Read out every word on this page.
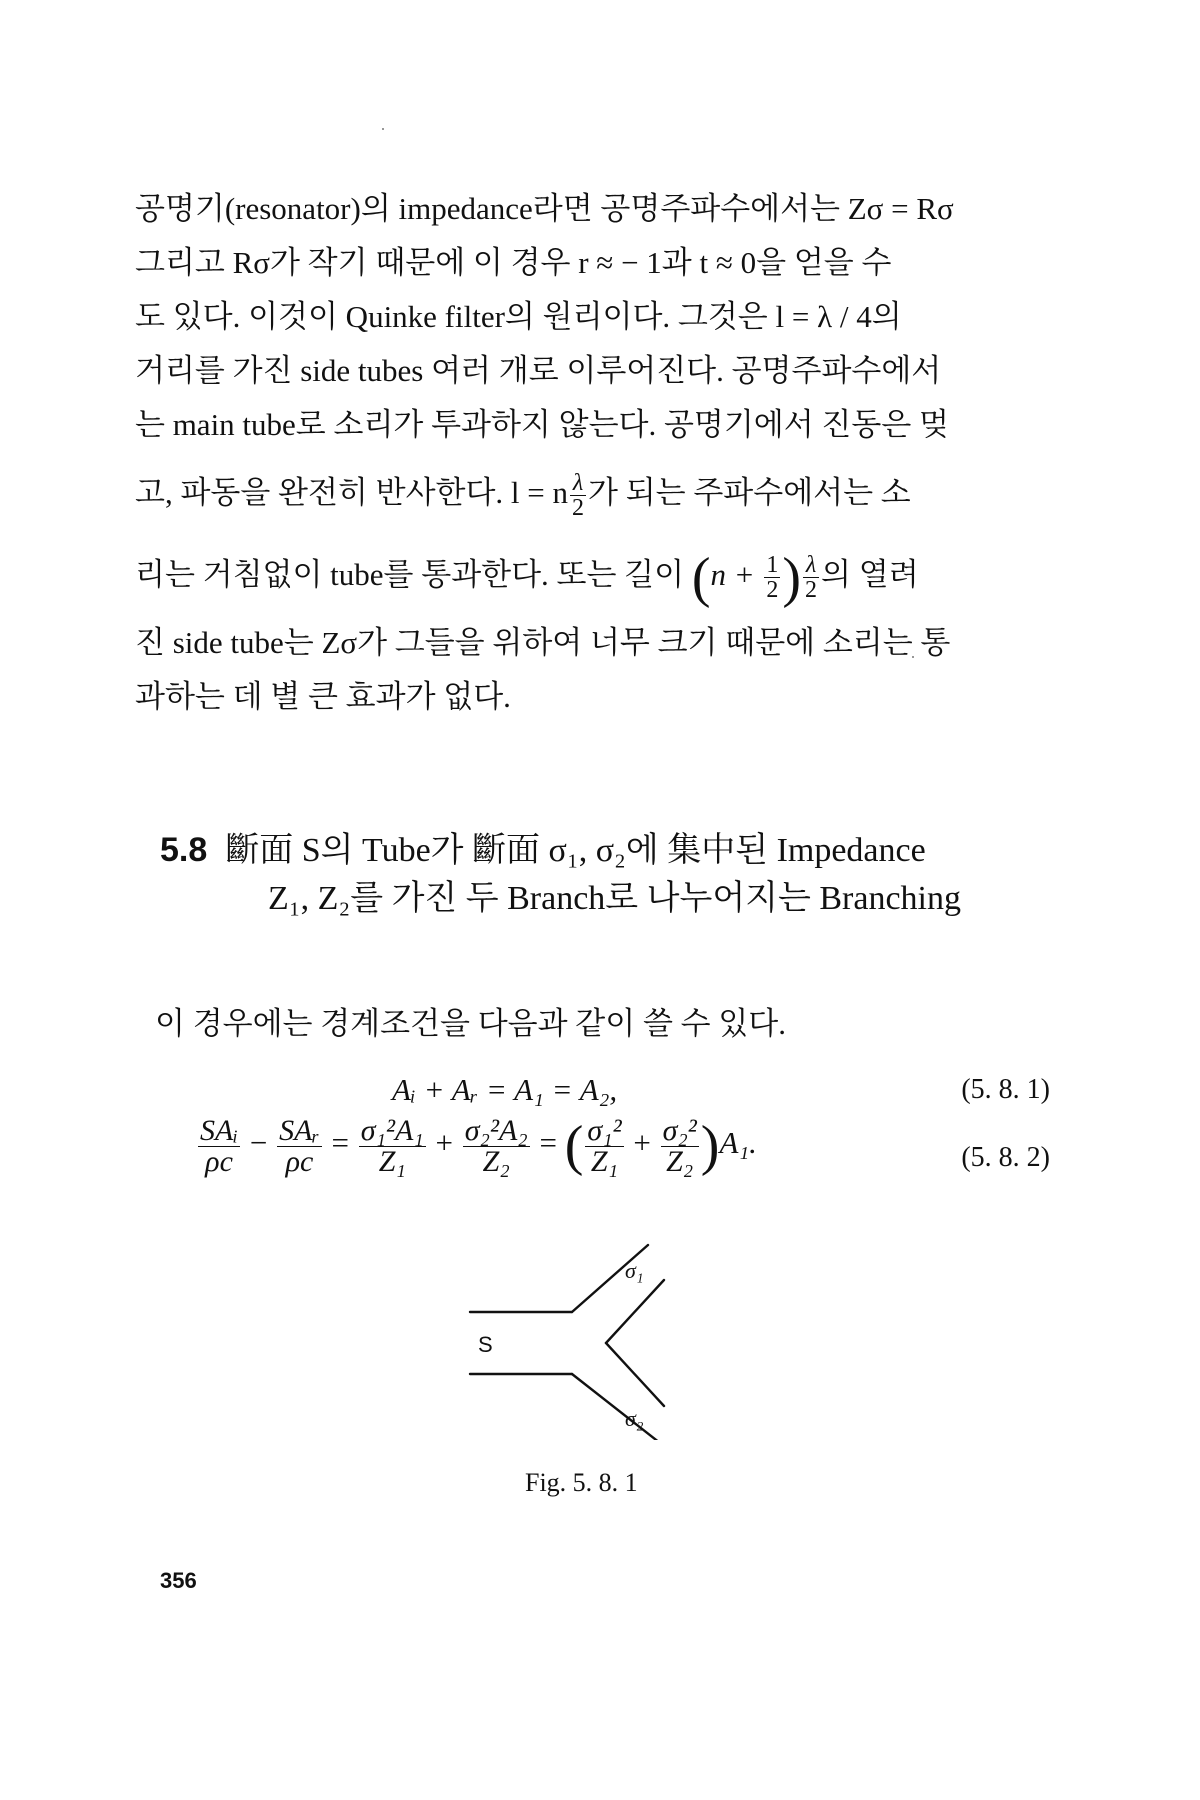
공명기(resonator)의 impedance라면 공명주파수에서는 Zσ = Rσ
그리고 Rσ가 작기 때문에 이 경우 r ≈ − 1과 t ≈ 0을 얻을 수
도 있다. 이것이 Quinke filter의 원리이다. 그것은 l = λ / 4의
거리를 가진 side tubes 여러 개로 이루어진다. 공명주파수에서
는 main tube로 소리가 투과하지 않는다. 공명기에서 진동은 멎
고, 파동을 완전히 반사한다. l = n $\frac{\lambda}{2}$ 가 되는 주파수에서는 소
리는 거침없이 tube를 통과한다. 또는 길이 ($n + \frac{1}{2}$ ) $\frac{\lambda}{2}$ 의 열려
진 side tube는 Zσ가 그들을 위하여 너무 크기 때문에 소리는 통
과하는 데 별 큰 효과가 없다.
5.8 斷面 S의 Tube가 斷面 σ₁, σ₂에 集中된 Impedance
Z₁, Z₂를 가진 두 Branch로 나누어지는 Branching
이 경우에는 경계조건을 다음과 같이 쓸 수 있다.
Aᵢ + Aᵣ = A₁ = A₂,	(5. 8. 1)
$\frac{\text{SAᵢ}}{\rho c} - \frac{\text{SAᵣ}}{\rho c} = \frac{\text{σ₁²A₁}}{\text{Z₁}} + \frac{\text{σ₂²A₂}}{\text{Z₂}}$ = ( $\frac{\text{σ₁²}}{\text{Z₁}} + \frac{\text{σ₂²}}{\text{Z₂}} )A_1$.	(5. 8. 2)
S
σ₁
σ₂
Fig. 5. 8. 1
356
